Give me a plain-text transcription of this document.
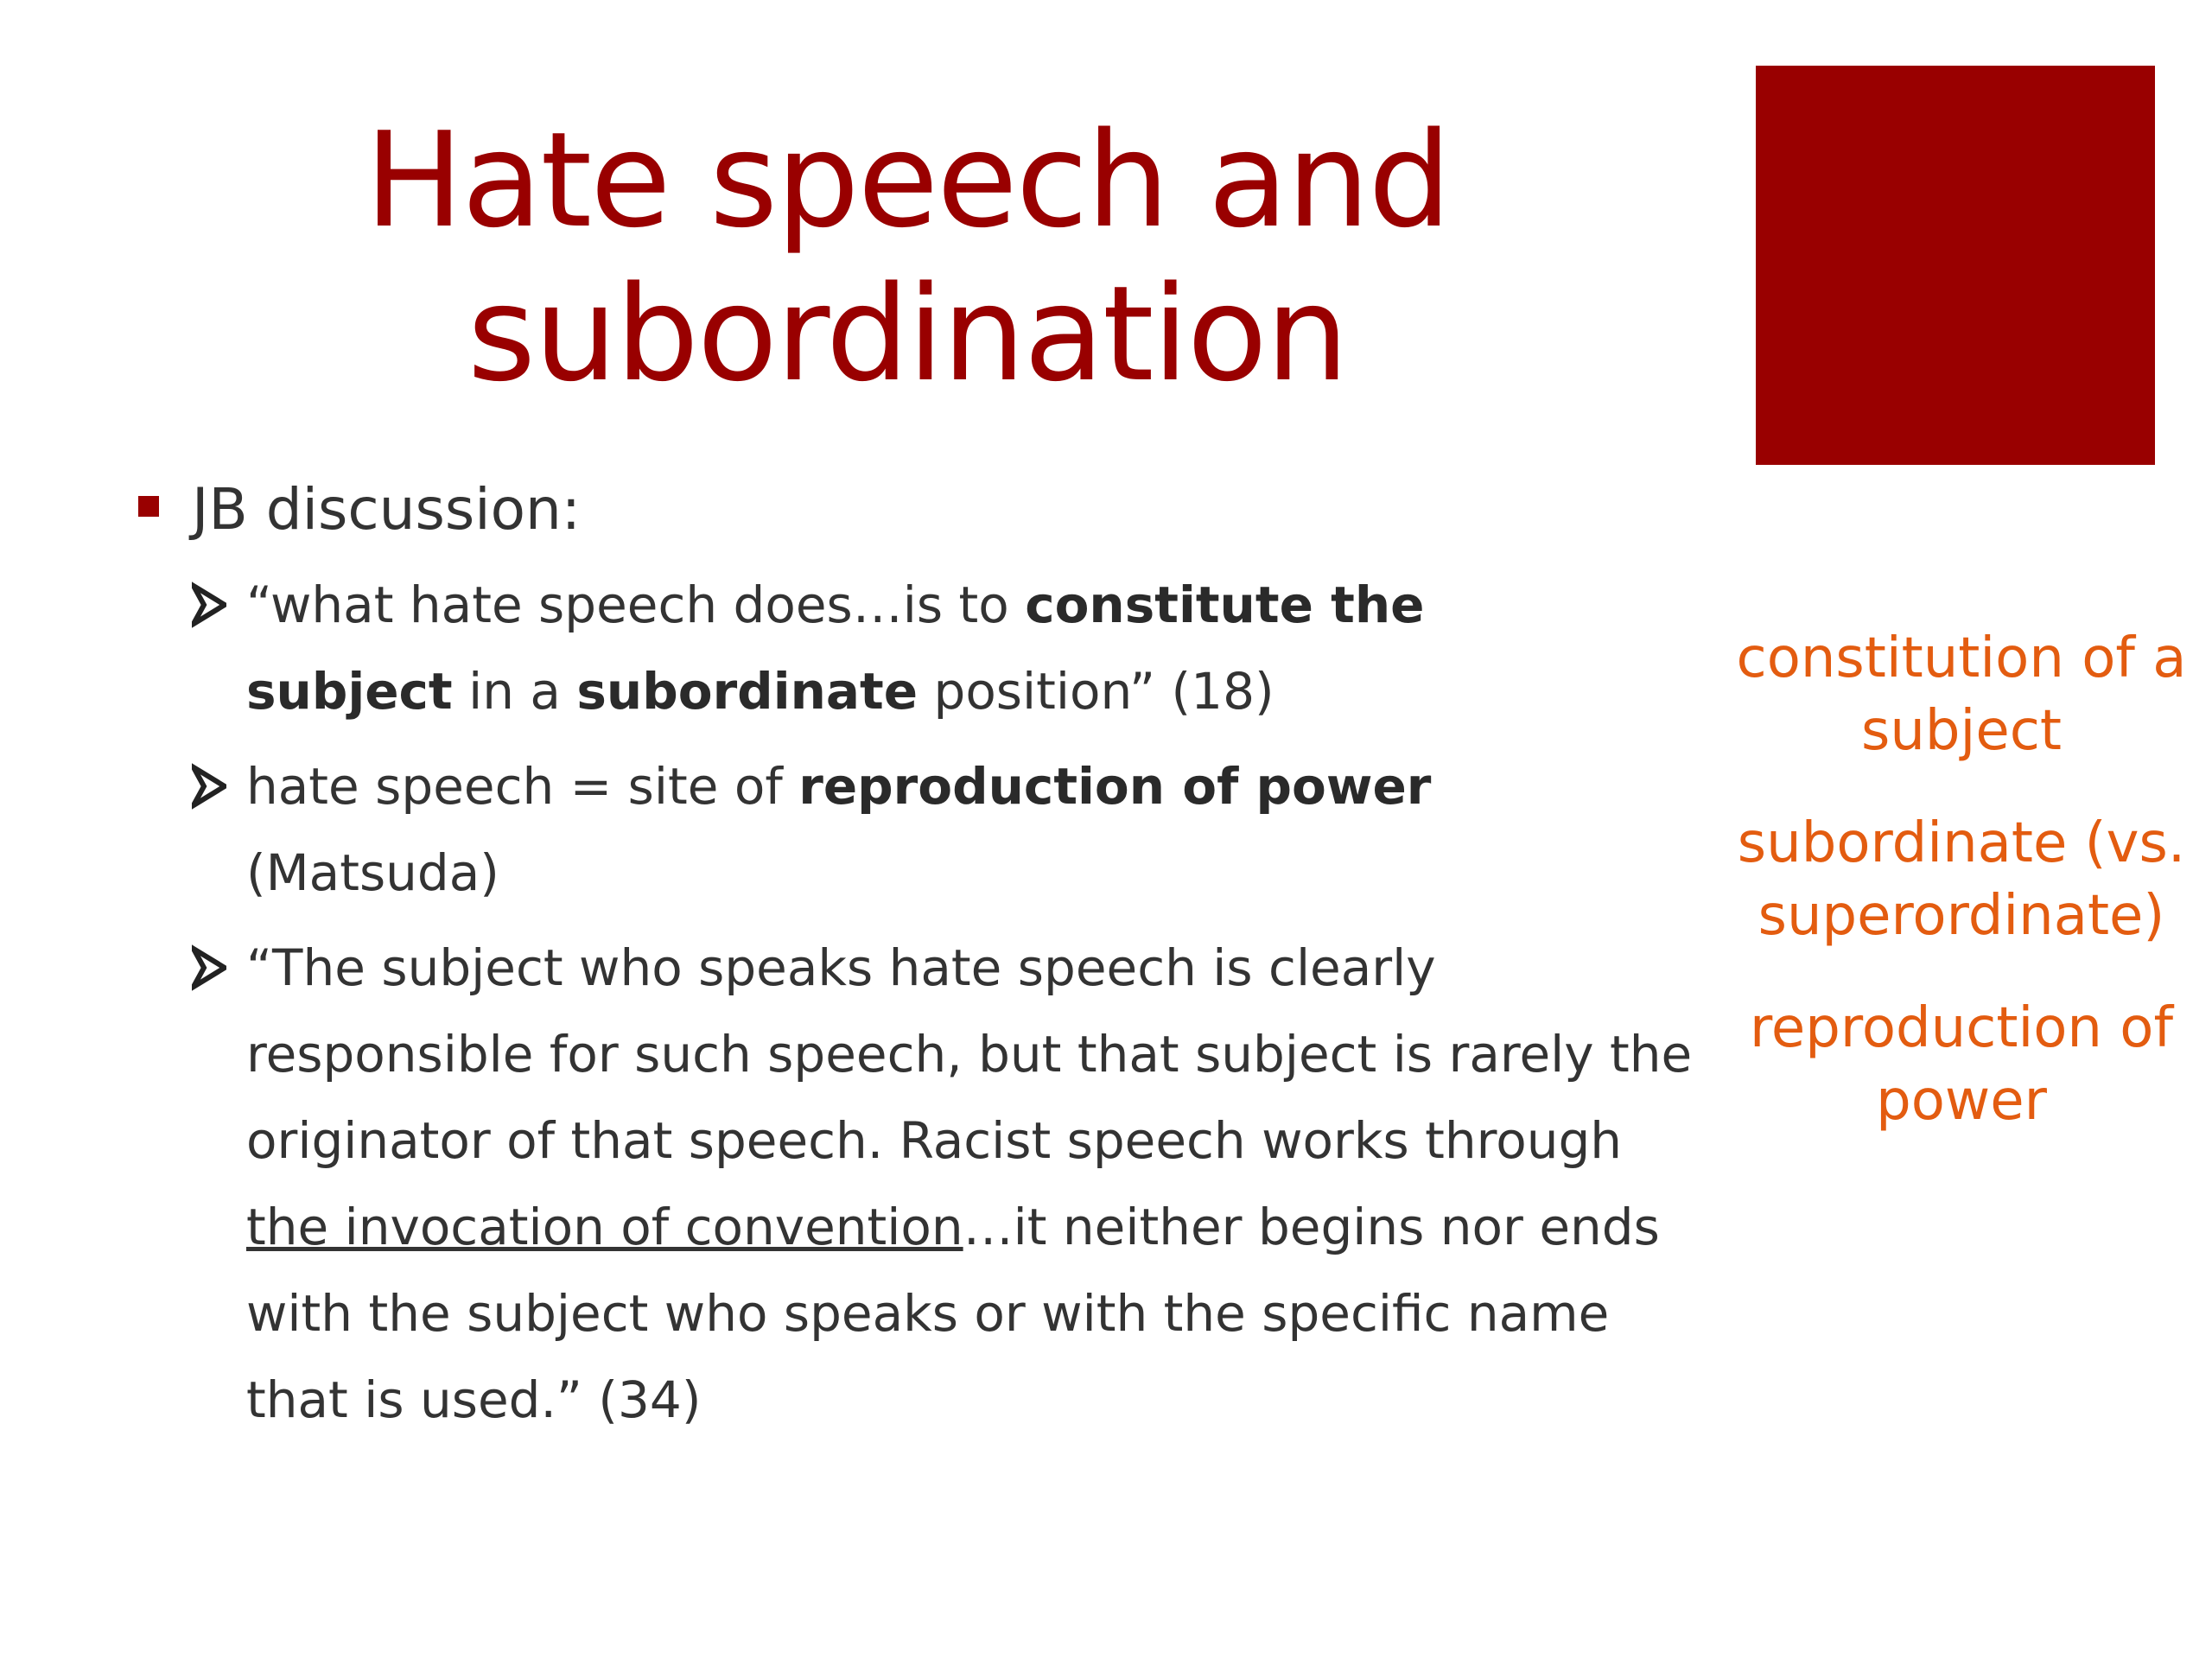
Hate speech and
subordination
JB discussion:
“what hate speech does…is to constitute the subject in a subordinate position” (18)
hate speech = site of reproduction of power (Matsuda)
“The subject who speaks hate speech is clearly responsible for such speech, but that subject is rarely the originator of that speech. Racist speech works through the invocation of convention…it neither begins nor ends with the subject who speaks or with the specific name that is used.” (34)
constitution of a subject
subordinate (vs. superordinate)
reproduction of power
